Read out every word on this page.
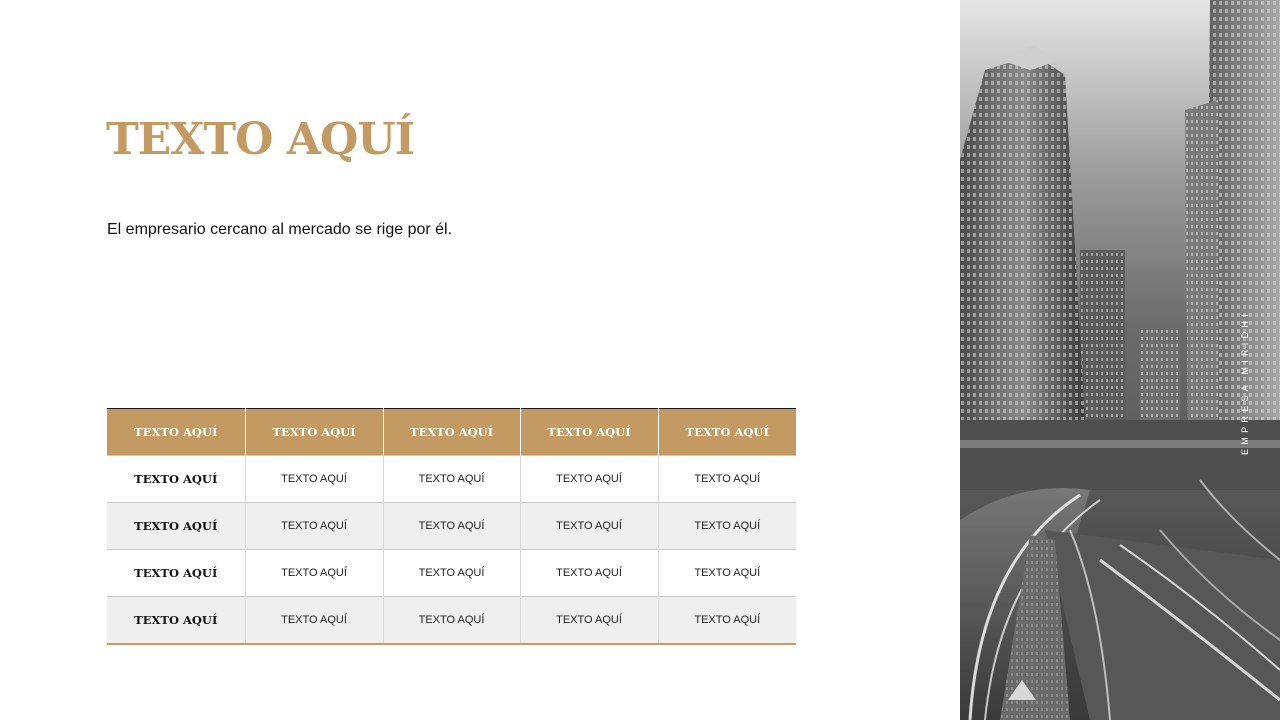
TEXTO AQUÍ

El empresario cercano al mercado se rige por él.

TEXTO AQUÍ	TEXTO AQUÍ	TEXTO AQUÍ	TEXTO AQUÍ	TEXTO AQUÍ
TEXTO AQUÍ	TEXTO AQUÍ	TEXTO AQUÍ	TEXTO AQUÍ	TEXTO AQUÍ
TEXTO AQUÍ	TEXTO AQUÍ	TEXTO AQUÍ	TEXTO AQUÍ	TEXTO AQUÍ
TEXTO AQUÍ	TEXTO AQUÍ	TEXTO AQUÍ	TEXTO AQUÍ	TEXTO AQUÍ
TEXTO AQUÍ	TEXTO AQUÍ	TEXTO AQUÍ	TEXTO AQUÍ	TEXTO AQUÍ
EMPRESA MIRIDHI
